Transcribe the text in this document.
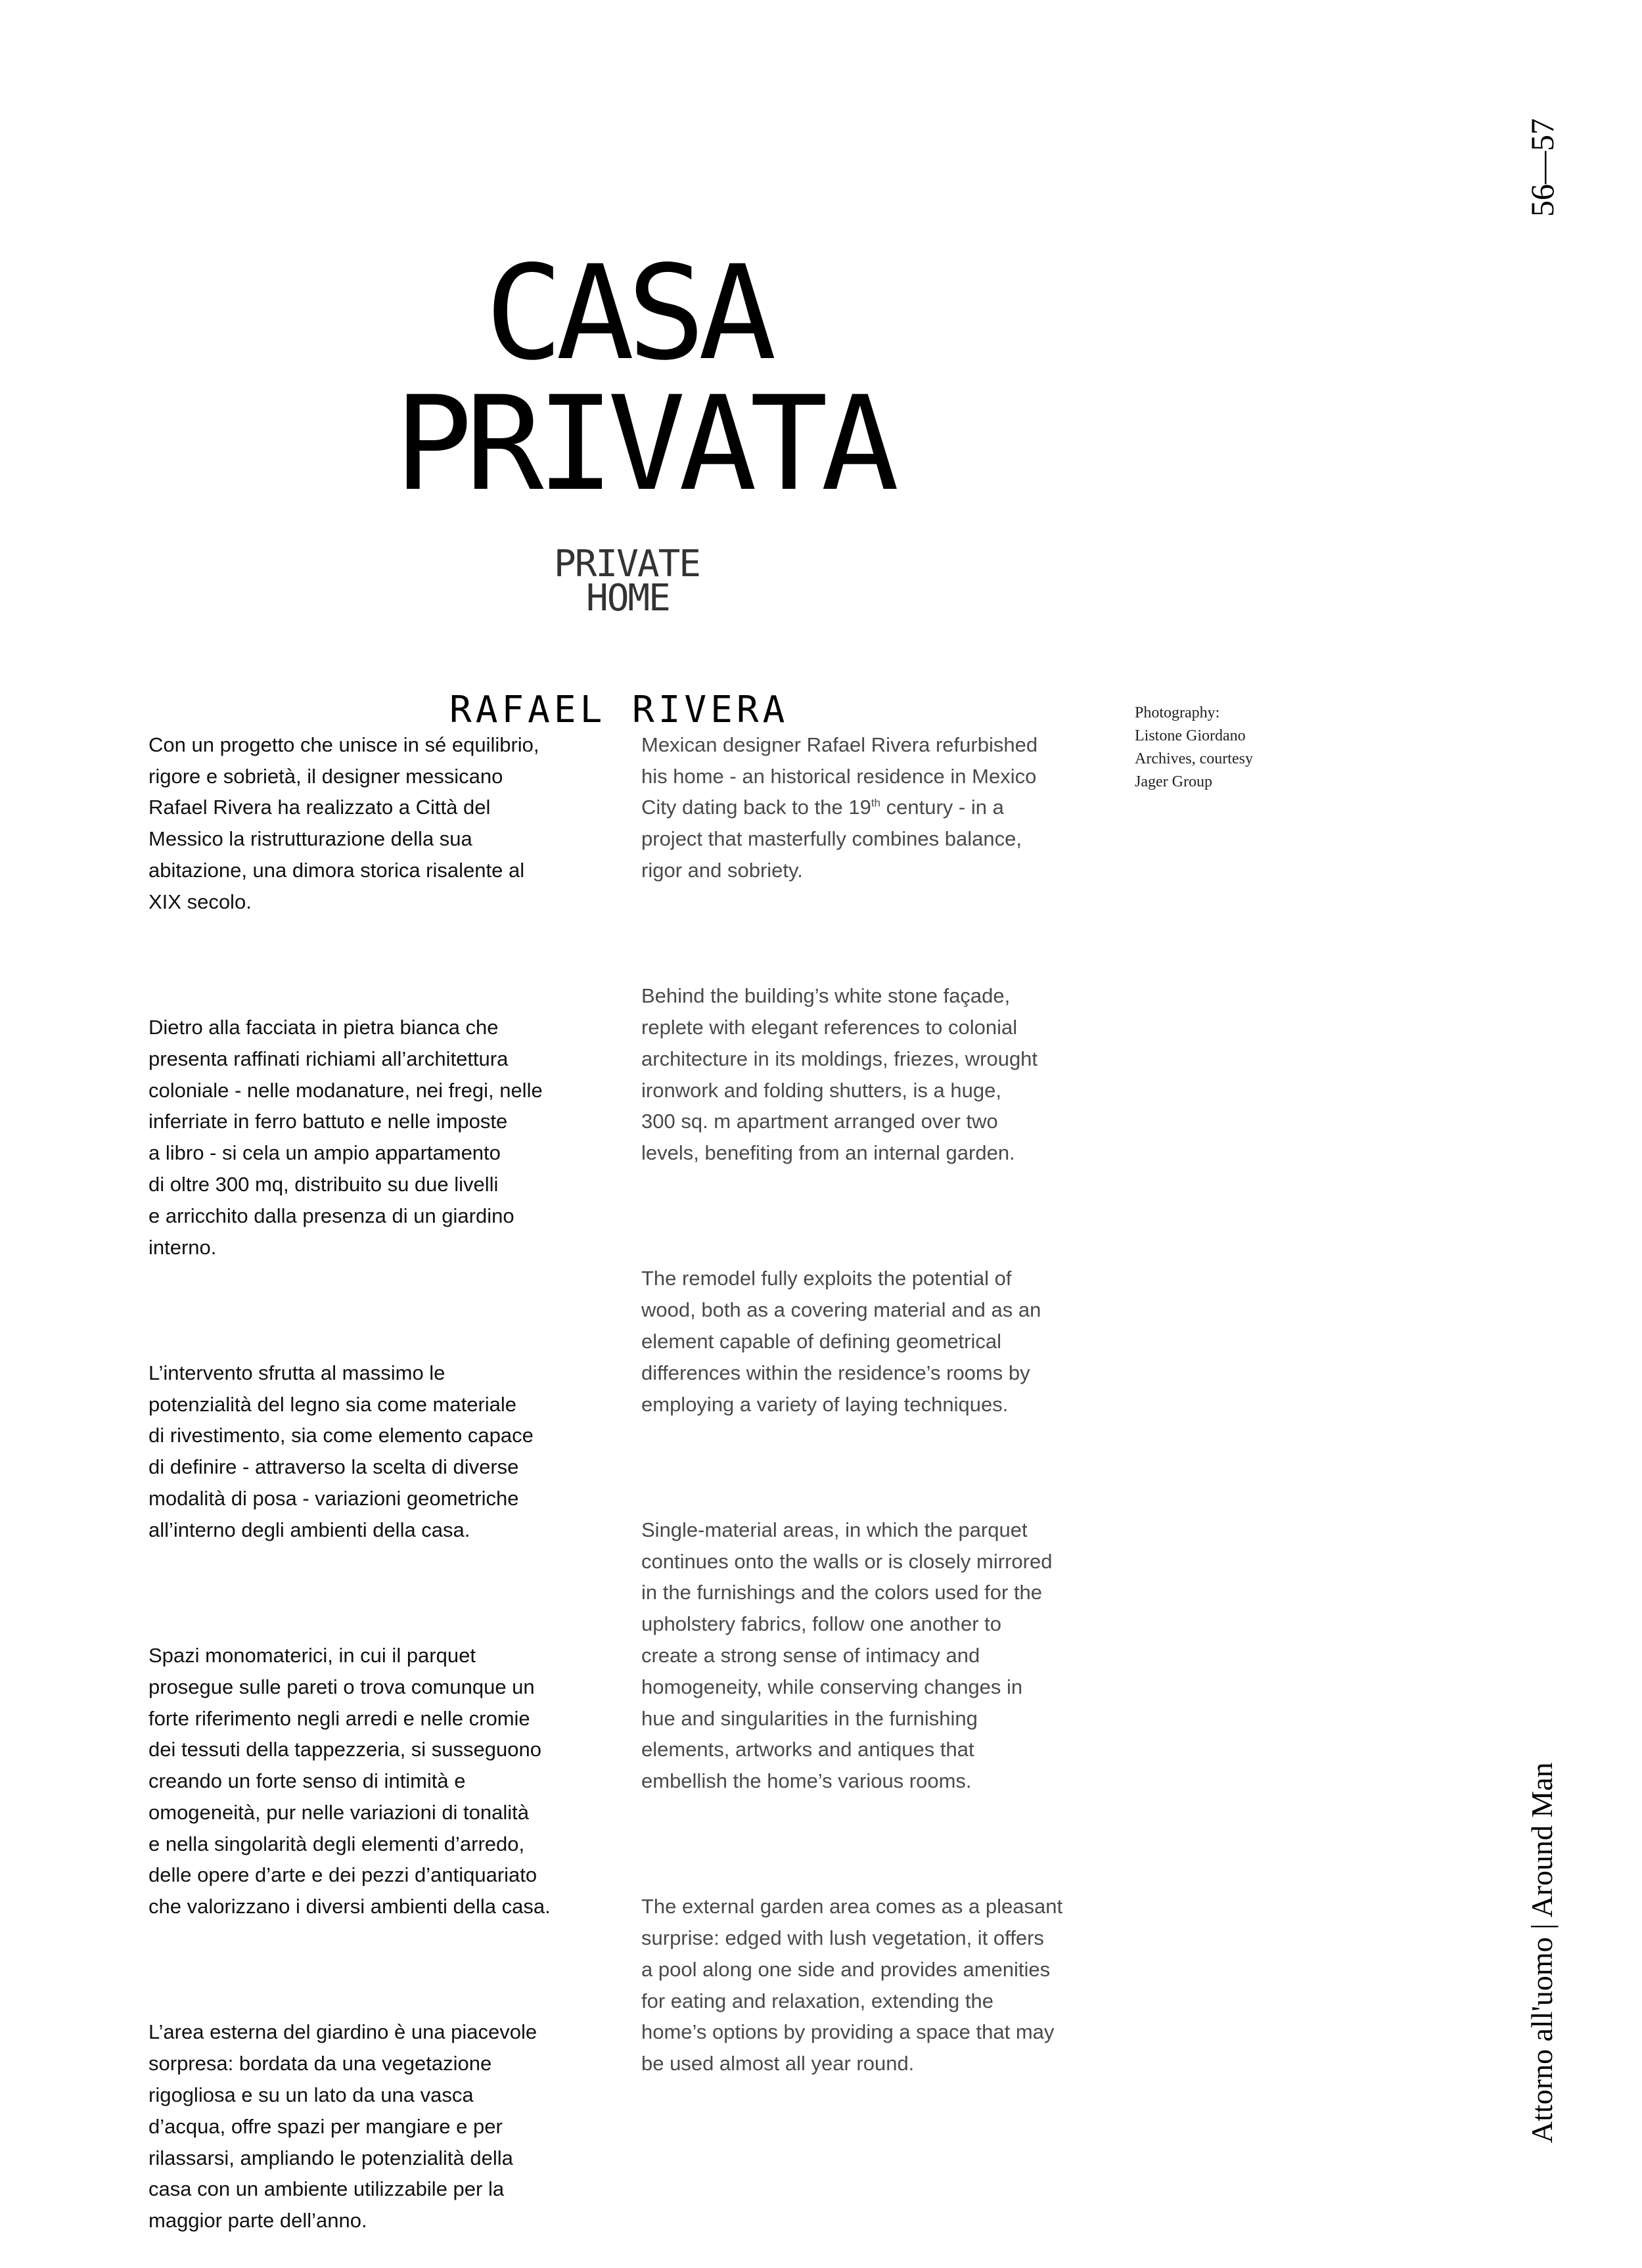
56—57
CASA
PRIVATA
PRIVATE
HOME
RAFAEL RIVERA

Con un progetto che unisce in sé equilibrio,
rigore e sobrietà, il designer messicano
Rafael Rivera ha realizzato a Città del
Messico la ristrutturazione della sua
abitazione, una dimora storica risalente al
XIX secolo.

Dietro alla facciata in pietra bianca che
presenta raffinati richiami all’architettura
coloniale - nelle modanature, nei fregi, nelle
inferriate in ferro battuto e nelle imposte
a libro - si cela un ampio appartamento
di oltre 300 mq, distribuito su due livelli
e arricchito dalla presenza di un giardino
interno.

L’intervento sfrutta al massimo le
potenzialità del legno sia come materiale
di rivestimento, sia come elemento capace
di definire - attraverso la scelta di diverse
modalità di posa - variazioni geometriche
all’interno degli ambienti della casa.

Spazi monomaterici, in cui il parquet
prosegue sulle pareti o trova comunque un
forte riferimento negli arredi e nelle cromie
dei tessuti della tappezzeria, si susseguono
creando un forte senso di intimità e
omogeneità, pur nelle variazioni di tonalità
e nella singolarità degli elementi d’arredo,
delle opere d’arte e dei pezzi d’antiquariato
che valorizzano i diversi ambienti della casa.

L’area esterna del giardino è una piacevole
sorpresa: bordata da una vegetazione
rigogliosa e su un lato da una vasca
d’acqua, offre spazi per mangiare e per
rilassarsi, ampliando le potenzialità della
casa con un ambiente utilizzabile per la
maggior parte dell’anno.

Mexican designer Rafael Rivera refurbished
his home - an historical residence in Mexico
City dating back to the 19th century - in a
project that masterfully combines balance,
rigor and sobriety.

Behind the building’s white stone façade,
replete with elegant references to colonial
architecture in its moldings, friezes, wrought
ironwork and folding shutters, is a huge,
300 sq. m apartment arranged over two
levels, benefiting from an internal garden.

The remodel fully exploits the potential of
wood, both as a covering material and as an
element capable of defining geometrical
differences within the residence’s rooms by
employing a variety of laying techniques.

Single-material areas, in which the parquet
continues onto the walls or is closely mirrored
in the furnishings and the colors used for the
upholstery fabrics, follow one another to
create a strong sense of intimacy and
homogeneity, while conserving changes in
hue and singularities in the furnishing
elements, artworks and antiques that
embellish the home’s various rooms.

The external garden area comes as a pleasant
surprise: edged with lush vegetation, it offers
a pool along one side and provides amenities
for eating and relaxation, extending the
home’s options by providing a space that may
be used almost all year round.

Photography:
Listone Giordano
Archives, courtesy
Jager Group
Attorno all'uomo | Around Man
